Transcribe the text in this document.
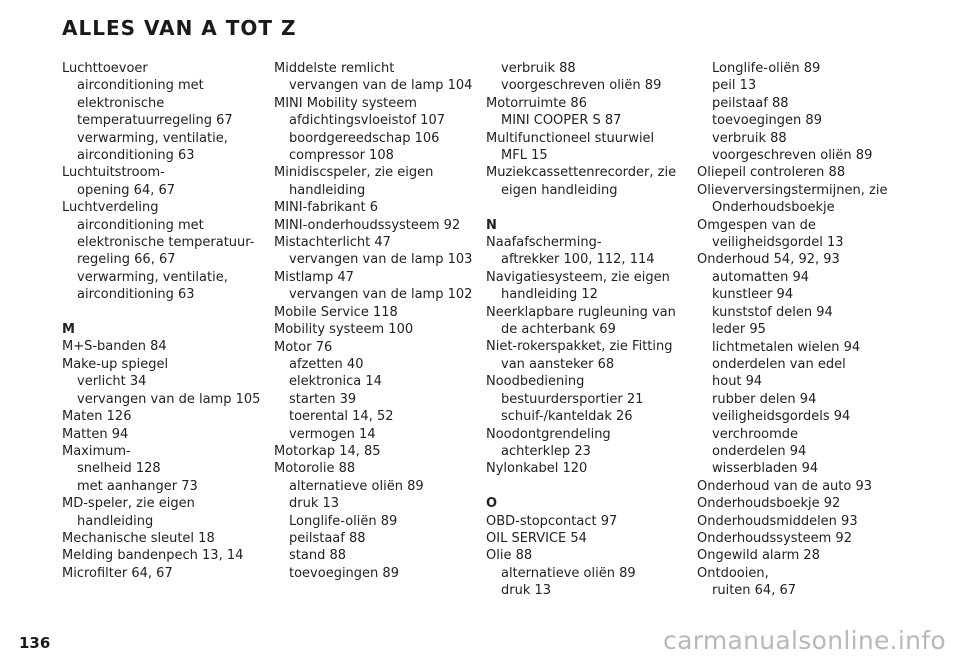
ALLES VAN A TOT Z
Luchttoevoer
airconditioning met
elektronische
temperatuurregeling 67
verwarming, ventilatie,
airconditioning 63
Luchtuitstroom-
opening 64, 67
Luchtverdeling
airconditioning met
elektronische temperatuur-
regeling 66, 67
verwarming, ventilatie,
airconditioning 63
M
M+S-banden 84
Make-up spiegel
verlicht 34
vervangen van de lamp 105
Maten 126
Matten 94
Maximum-
snelheid 128
met aanhanger 73
MD-speler, zie eigen
handleiding
Mechanische sleutel 18
Melding bandenpech 13, 14
Microfilter 64, 67
Middelste remlicht
vervangen van de lamp 104
MINI Mobility systeem
afdichtingsvloeistof 107
boordgereedschap 106
compressor 108
Minidiscspeler, zie eigen
handleiding
MINI-fabrikant 6
MINI-onderhoudssysteem 92
Mistachterlicht 47
vervangen van de lamp 103
Mistlamp 47
vervangen van de lamp 102
Mobile Service 118
Mobility systeem 100
Motor 76
afzetten 40
elektronica 14
starten 39
toerental 14, 52
vermogen 14
Motorkap 14, 85
Motorolie 88
alternatieve oliën 89
druk 13
Longlife-oliën 89
peilstaaf 88
stand 88
toevoegingen 89
verbruik 88
voorgeschreven oliën 89
Motorruimte 86
MINI COOPER S 87
Multifunctioneel stuurwiel
MFL 15
Muziekcassettenrecorder, zie
eigen handleiding
N
Naafafscherming-
aftrekker 100, 112, 114
Navigatiesysteem, zie eigen
handleiding 12
Neerklapbare rugleuning van
de achterbank 69
Niet-rokerspakket, zie Fitting
van aansteker 68
Noodbediening
bestuurdersportier 21
schuif-/kanteldak 26
Noodontgrendeling
achterklep 23
Nylonkabel 120
O
OBD-stopcontact 97
OIL SERVICE 54
Olie 88
alternatieve oliën 89
druk 13
Longlife-oliën 89
peil 13
peilstaaf 88
toevoegingen 89
verbruik 88
voorgeschreven oliën 89
Oliepeil controleren 88
Olieverversingstermijnen, zie
Onderhoudsboekje
Omgespen van de
veiligheidsgordel 13
Onderhoud 54, 92, 93
automatten 94
kunstleer 94
kunststof delen 94
leder 95
lichtmetalen wielen 94
onderdelen van edel
hout 94
rubber delen 94
veiligheidsgordels 94
verchroomde
onderdelen 94
wisserbladen 94
Onderhoud van de auto 93
Onderhoudsboekje 92
Onderhoudsmiddelen 93
Onderhoudssysteem 92
Ongewild alarm 28
Ontdooien,
ruiten 64, 67
136	carmanualsonline.info
